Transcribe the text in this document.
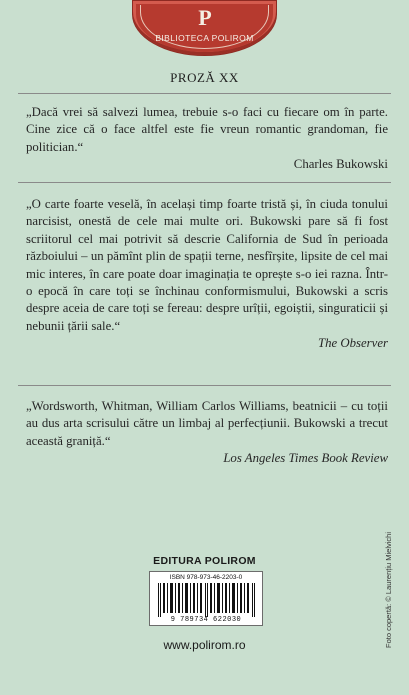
P
BIBLIOTECA POLIROM
PROZĂ XX
„Dacă vrei să salvezi lumea, trebuie s-o faci cu fiecare om în parte. Cine zice că o face altfel este fie vreun romantic grandoman, fie politician.“
Charles Bukowski
„O carte foarte veselă, în același timp foarte tristă și, în ciuda tonului narcisist, onestă de cele mai multe ori. Bukowski pare să fi fost scriitorul cel mai potrivit să descrie California de Sud în perioada războiului – un pămînt plin de spații terne, nesfîrșite, lipsite de cel mai mic interes, în care poate doar imaginația te oprește s-o iei razna. Într-o epocă în care toți se închinau conformismului, Bukowski a scris despre aceia de care toți se fereau: despre urîții, egoiștii, singuraticii și nebunii țării sale.“
The Observer
„Wordsworth, Whitman, William Carlos Williams, beatnicii – cu toții au dus arta scrisului către un limbaj al perfecțiunii. Bukowski a trecut această graniță.“
Los Angeles Times Book Review
EDITURA POLIROM
ISBN 978-973-46-2203-0
9 789734 622030
www.polirom.ro	Foto copertă: © Laurențiu Mielvichi
